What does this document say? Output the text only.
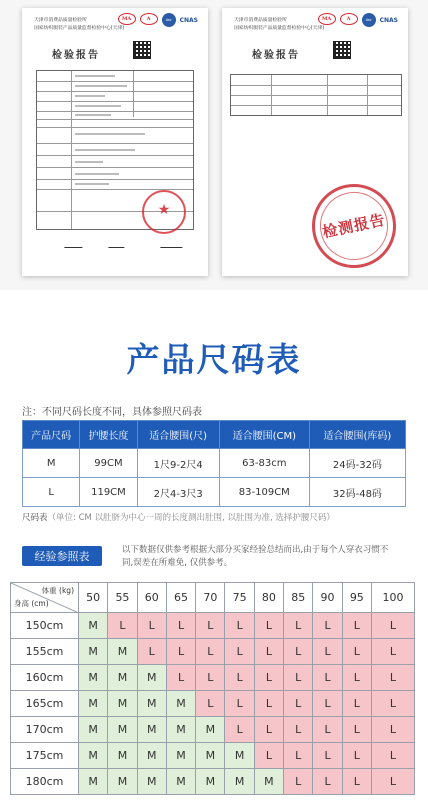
天津市消费品质量检验所
国家纺织服装产品质量监督检验中心(天津)
MA	A	ilac	CNAS
检验报告
★
天津市消费品质量检验所
国家纺织服装产品质量监督检验中心(天津)
MA	A	ilac	CNAS
检验报告
检测报告
产品尺码表
注：不同尺码长度不同，具体参照尺码表
产品尺码	护腰长度	适合腰围(尺)	适合腰围(CM)	适合腰围(库码)
M	99CM	1尺9-2尺4	63-83cm	24码-32码
L	119CM	2尺4-3尺3	83-109CM	32码-48码
尺码表（单位: CM 以肚脐为中心一周的长度测出肚围, 以肚围为准, 选择护腰尺码）
经验参照表	以下数据仅供参考根据大部分买家经验总结而出,由于每个人穿衣习惯不同,误差在所难免, 仅供参考。
体重 (kg)
身高 (cm)	50	55	60	65	70	75	80	85	90	95	100
150cm	M	L	L	L	L	L	L	L	L	L	L
155cm	M	M	L	L	L	L	L	L	L	L	L
160cm	M	M	M	L	L	L	L	L	L	L	L
165cm	M	M	M	M	L	L	L	L	L	L	L
170cm	M	M	M	M	M	L	L	L	L	L	L
175cm	M	M	M	M	M	M	L	L	L	L	L
180cm	M	M	M	M	M	M	M	L	L	L	L
